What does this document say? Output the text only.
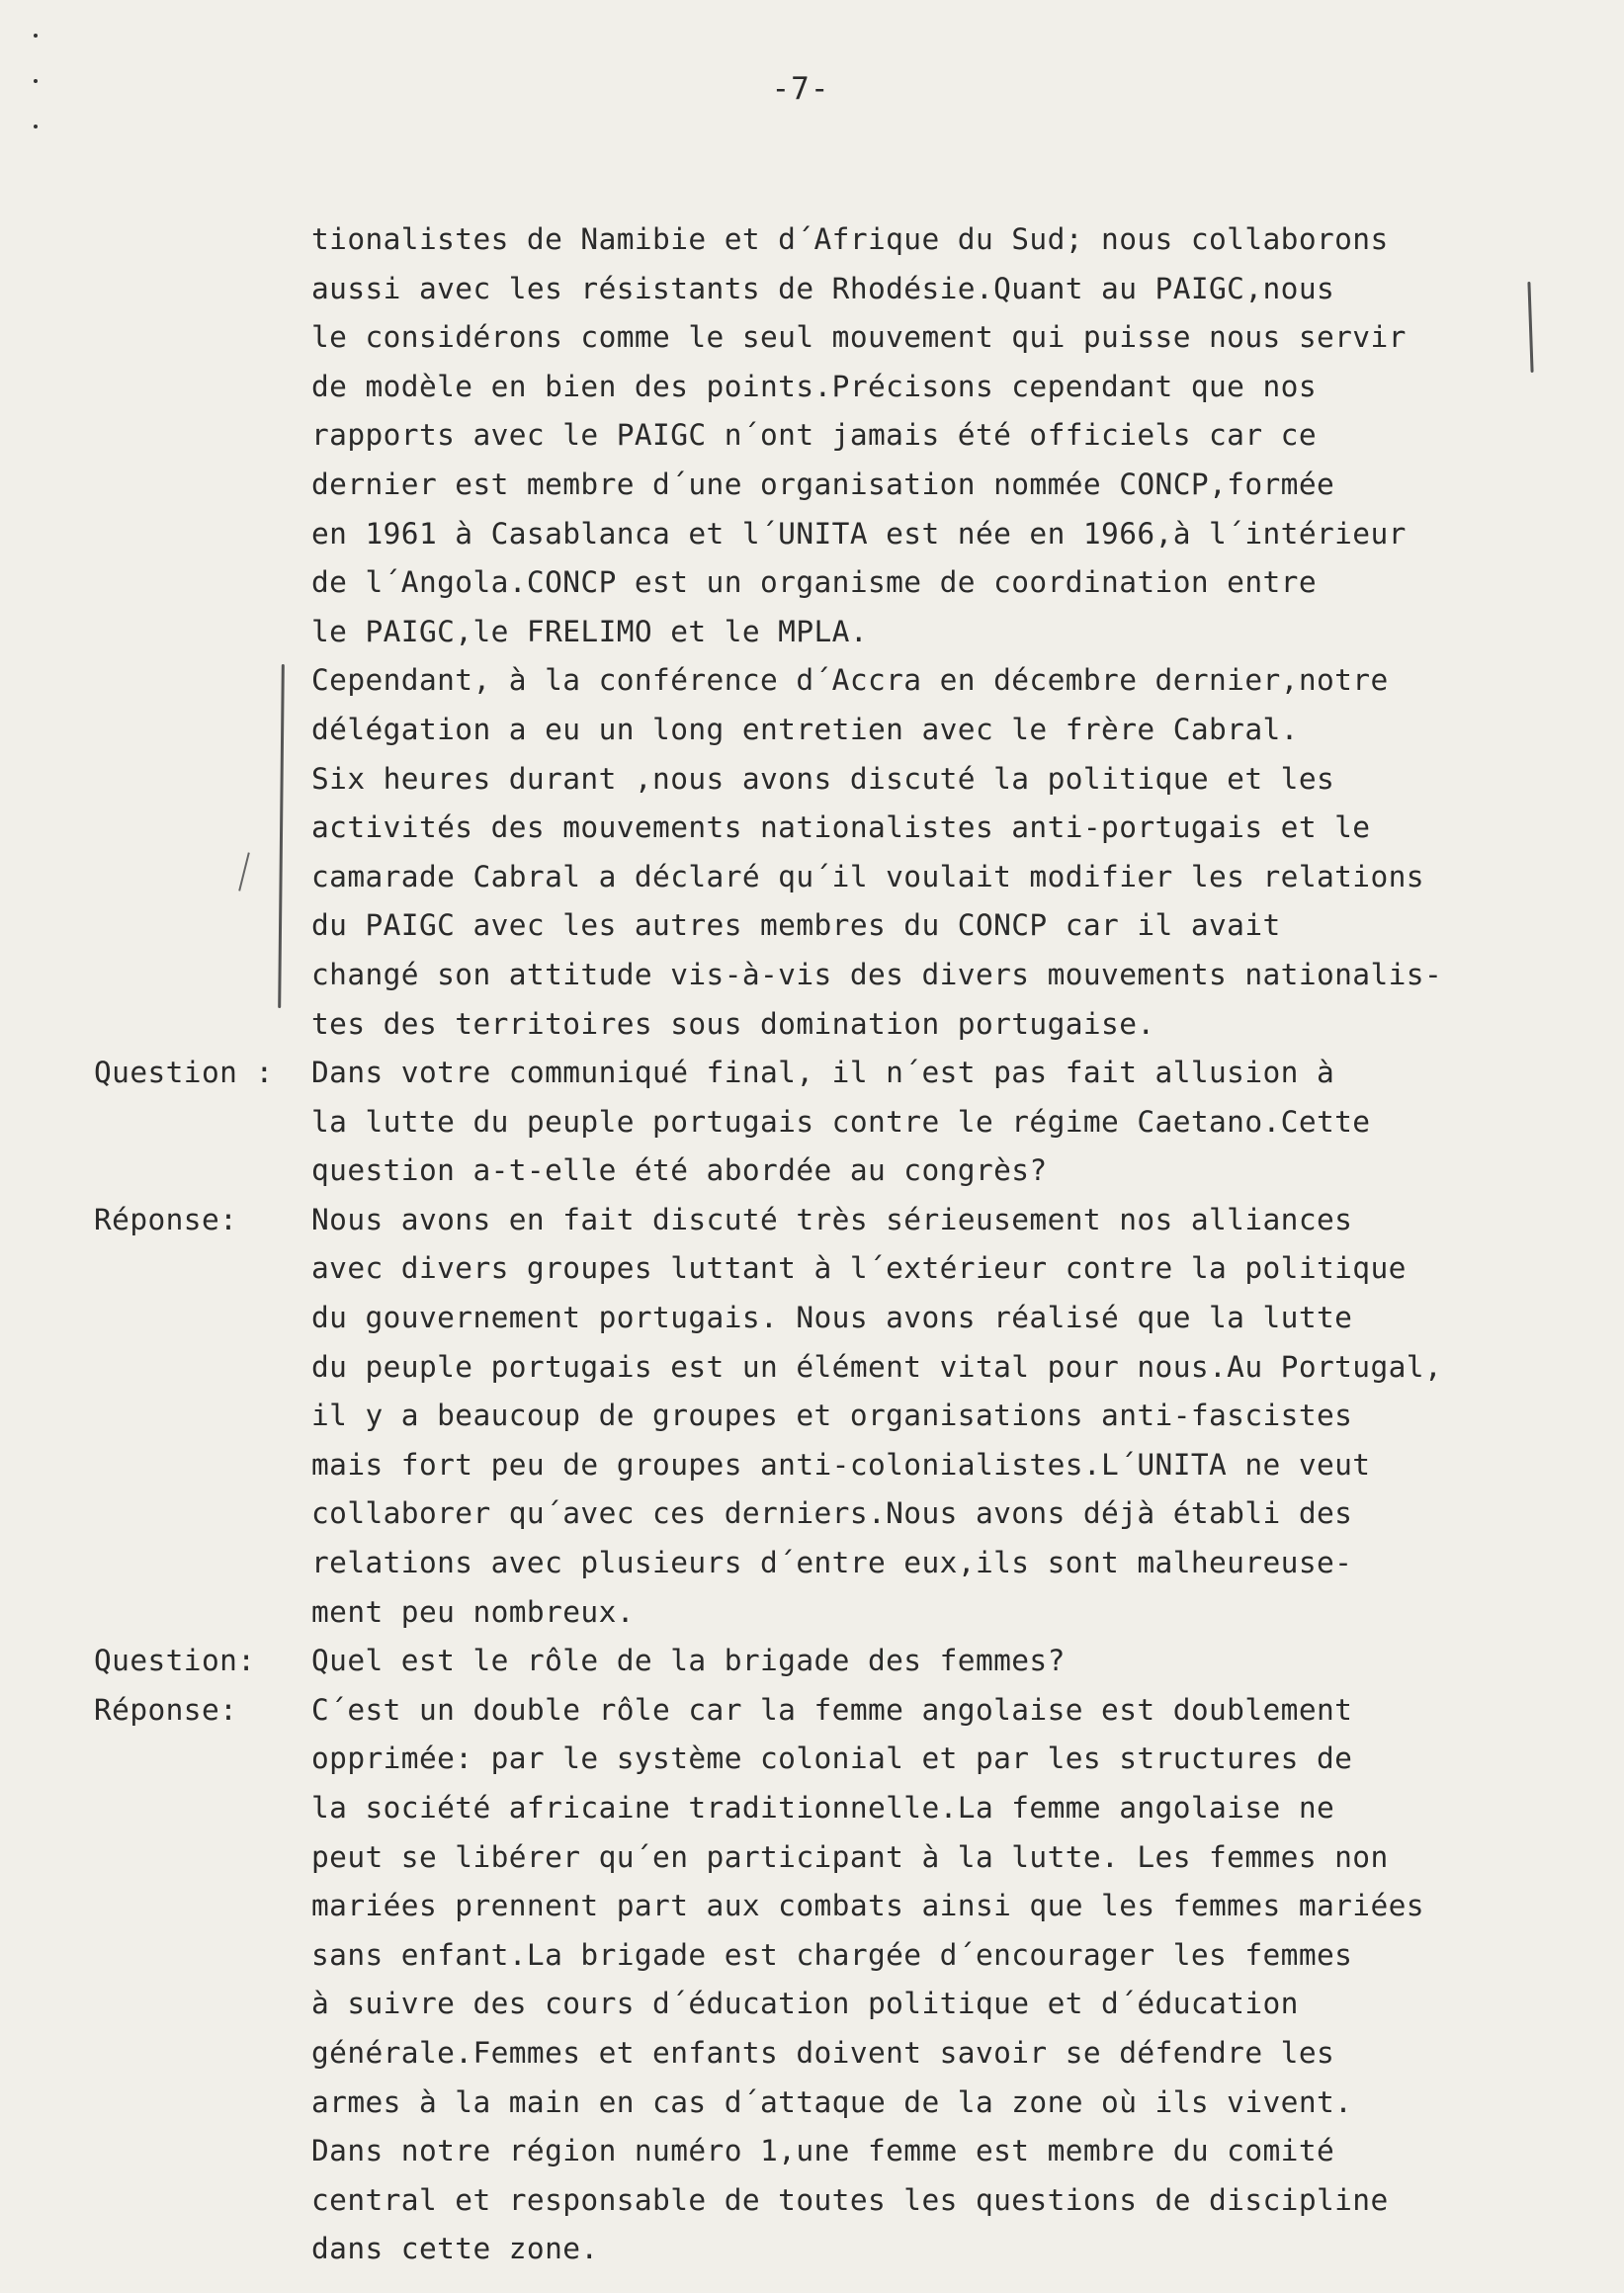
-7-
tionalistes de Namibie et d´Afrique du Sud; nous collaborons
aussi avec les résistants de Rhodésie.Quant au PAIGC,nous
le considérons comme le seul mouvement qui puisse nous servir
de modèle en bien des points.Précisons cependant que nos
rapports avec le PAIGC n´ont jamais été officiels car ce
dernier est membre d´une organisation nommée CONCP,formée
en 1961 à Casablanca et l´UNITA est née en 1966,à l´intérieur
de l´Angola.CONCP est un organisme de coordination entre
le PAIGC,le FRELIMO et le MPLA.
Cependant, à la conférence d´Accra en décembre dernier,notre
délégation a eu un long entretien avec le frère Cabral.
Six heures durant ,nous avons discuté la politique et les
activités des mouvements nationalistes anti-portugais et le
camarade Cabral a déclaré qu´il voulait modifier les relations
du PAIGC avec les autres membres du CONCP car il avait
changé son attitude vis-à-vis des divers mouvements nationalis-
tes des territoires sous domination portugaise.
Question : Dans votre communiqué final, il n´est pas fait allusion à
la lutte du peuple portugais contre le régime Caetano.Cette
question a-t-elle été abordée au congrès?
Réponse:	Nous avons en fait discuté très sérieusement nos alliances
avec divers groupes luttant à l´extérieur contre la politique
du gouvernement portugais. Nous avons réalisé que la lutte
du peuple portugais est un élément vital pour nous.Au Portugal,
il y a beaucoup de groupes et organisations anti-fascistes
mais fort peu de groupes anti-colonialistes.L´UNITA ne veut
collaborer qu´avec ces derniers.Nous avons déjà établi des
relations avec plusieurs d´entre eux,ils sont malheureuse-
ment peu nombreux.
Question: Quel est le rôle de la brigade des femmes?
Réponse:	C´est un double rôle car la femme angolaise est doublement
opprimée: par le système colonial et par les structures de
la société africaine traditionnelle.La femme angolaise ne
peut se libérer qu´en participant à la lutte. Les femmes non
mariées prennent part aux combats ainsi que les femmes mariées
sans enfant.La brigade est chargée d´encourager les femmes
à suivre des cours d´éducation politique et d´éducation
générale.Femmes et enfants doivent savoir se défendre les
armes à la main en cas d´attaque de la zone où ils vivent.
Dans notre région numéro 1,une femme est membre du comité
central et responsable de toutes les questions de discipline
dans cette zone.
